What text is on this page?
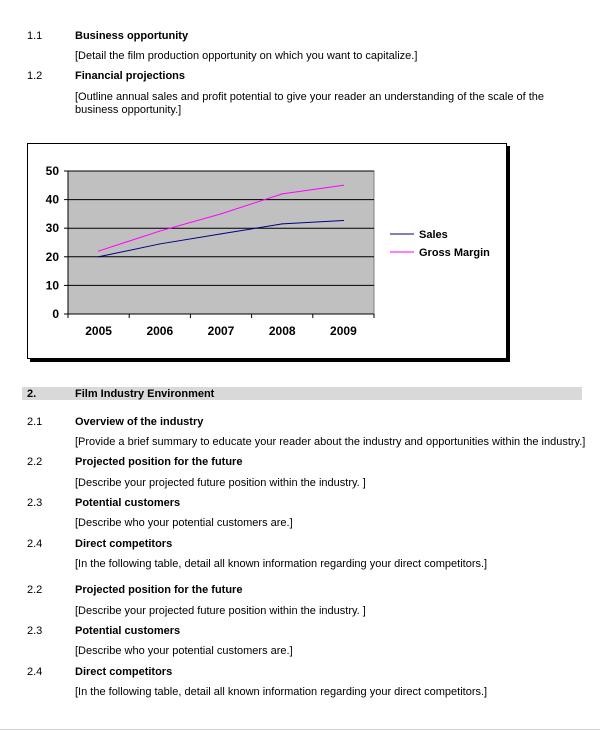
1.1	Business opportunity
[Detail the film production opportunity on which you want to capitalize.]
1.2	Financial projections
[Outline annual sales and profit potential to give your reader an understanding of the scale of the business opportunity.]
0
10
20
30
40
50
2005	2006	2007	2008	2009
Sales
Gross Margin
2.	Film Industry Environment
2.1	Overview of the industry
[Provide a brief summary to educate your reader about the industry and opportunities within the industry.]
2.2	Projected position for the future
[Describe your projected future position within the industry. ]
2.3	Potential customers
[Describe who your potential customers are.]
2.4	Direct competitors
[In the following table, detail all known information regarding your direct competitors.]
2.2	Projected position for the future
[Describe your projected future position within the industry. ]
2.3	Potential customers
[Describe who your potential customers are.]
2.4	Direct competitors
[In the following table, detail all known information regarding your direct competitors.]
